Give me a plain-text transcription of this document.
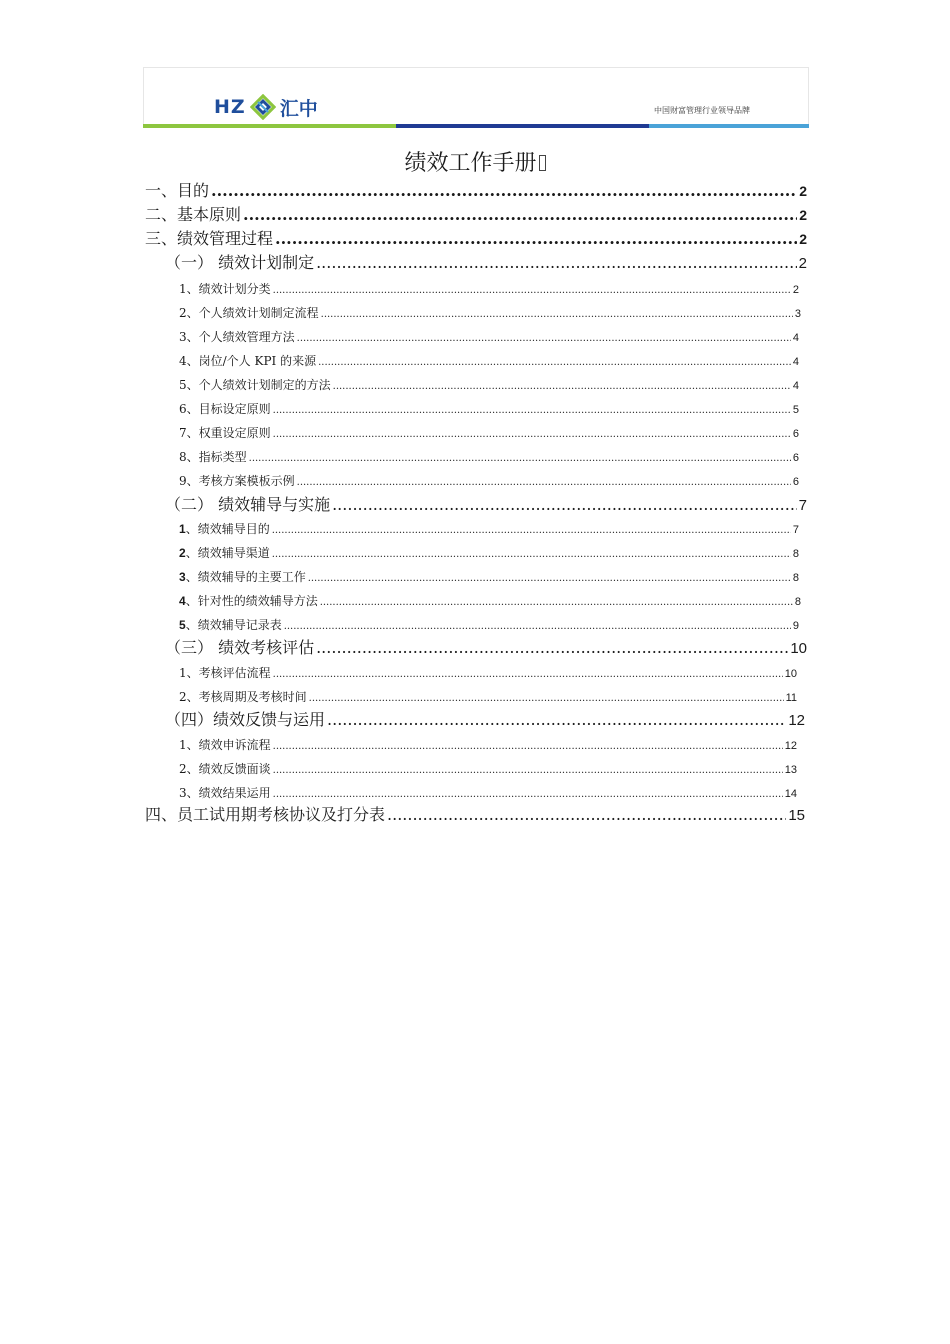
HZ 汇中	中国财富管理行业领导品牌
绩效工作手册
一、目的 .....	2
二、基本原则 .....	2
三、绩效管理过程 .....	2
（一） 绩效计划制定 .....	2
1、绩效计划分类 .....	2
2、个人绩效计划制定流程 .....	3
3、个人绩效管理方法 .....	4
4、岗位/个人 KPI 的来源 .....	4
5、个人绩效计划制定的方法 .....	4
6、目标设定原则 .....	5
7、权重设定原则 .....	6
8、指标类型 .....	6
9、考核方案模板示例 .....	6
（二） 绩效辅导与实施 .....	7
1、绩效辅导目的 .....	7
2、绩效辅导渠道 .....	8
3、绩效辅导的主要工作 .....	8
4、针对性的绩效辅导方法 .....	8
5、绩效辅导记录表 .....	9
（三） 绩效考核评估 .....	10
1、考核评估流程 .....	10
2、考核周期及考核时间 .....	11
（四）绩效反馈与运用 .....	12
1、绩效申诉流程 .....	12
2、绩效反馈面谈 .....	13
3、绩效结果运用 .....	14
四、员工试用期考核协议及打分表 .....	15
